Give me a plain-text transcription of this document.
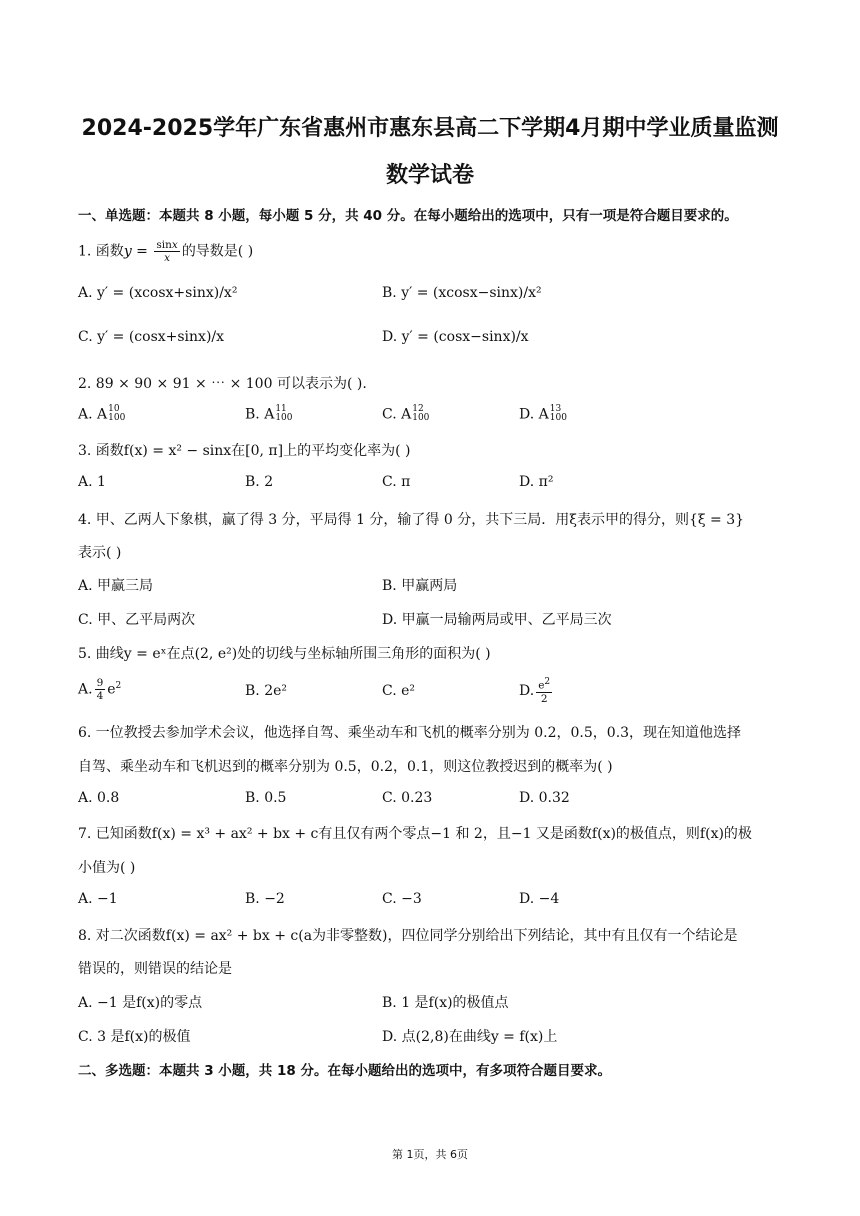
2024-2025学年广东省惠州市惠东县高二下学期4月期中学业质量监测
数学试卷
一、单选题：本题共 8 小题，每小题 5 分，共 40 分。在每小题给出的选项中，只有一项是符合题目要求的。
1. 函数$y = \frac{\sin x}{x}$ 的导数是( )
A. y′ = (xcosx+sinx)/x²	B. y′ = (xcosx−sinx)/x²
C. y′ = (cosx+sinx)/x	D. y′ = (cosx−sinx)/x
2. 89 × 90 × 91 × ⋯ × 100 可以表示为( ).
A. A 10
100	B. A 11
100	C. A 12
100	D. A 13
100
3. 函数f(x) = x² − sinx在[0, π]上的平均变化率为( )
A. 1	B. 2	C. π	D. π²
4. 甲、乙两人下象棋，赢了得 3 分，平局得 1 分，输了得 0 分，共下三局．用ξ表示甲的得分，则{ξ = 3}
表示( )
A. 甲赢三局	B. 甲赢两局
C. 甲、乙平局两次	D. 甲赢一局输两局或甲、乙平局三次
5. 曲线y = eˣ在点(2, e²)处的切线与坐标轴所围三角形的面积为( )
A. $\frac{9}{4} e^2$	B. 2e²	C. e²	D. $\frac{e^2}{2}$
6. 一位教授去参加学术会议，他选择自驾、乘坐动车和飞机的概率分别为 0.2，0.5，0.3，现在知道他选择
自驾、乘坐动车和飞机迟到的概率分别为 0.5，0.2，0.1，则这位教授迟到的概率为( )
A. 0.8	B. 0.5	C. 0.23	D. 0.32
7. 已知函数f(x) = x³ + ax² + bx + c有且仅有两个零点−1 和 2，且−1 又是函数f(x)的极值点，则f(x)的极
小值为( )
A. −1	B. −2	C. −3	D. −4
8. 对二次函数f(x) = ax² + bx + c(a为非零整数)，四位同学分别给出下列结论，其中有且仅有一个结论是
错误的，则错误的结论是
A. −1 是f(x)的零点	B. 1 是f(x)的极值点
C. 3 是f(x)的极值	D. 点(2,8)在曲线y = f(x)上
二、多选题：本题共 3 小题，共 18 分。在每小题给出的选项中，有多项符合题目要求。
第 1页，共 6页
